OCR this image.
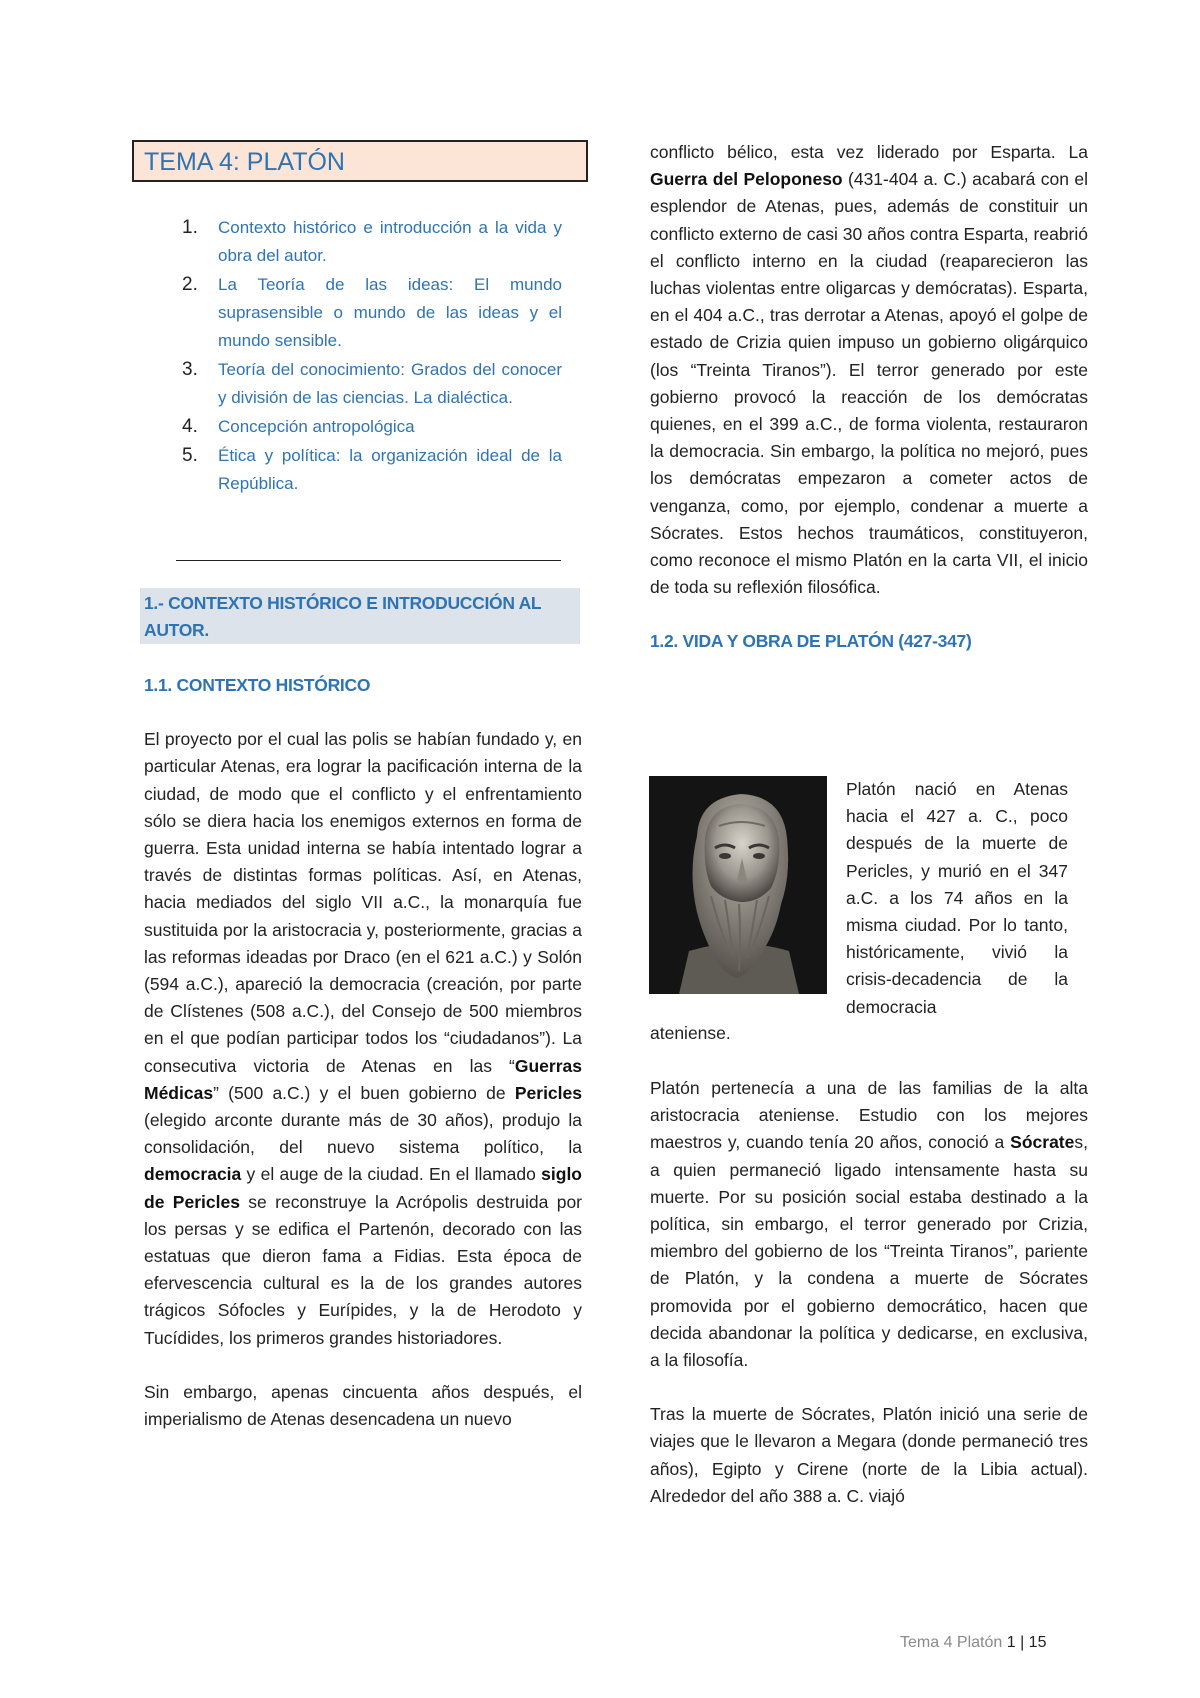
TEMA 4: PLATÓN
1. Contexto histórico e introducción a la vida y obra del autor.
2. La Teoría de las ideas: El mundo suprasensible o mundo de las ideas y el mundo sensible.
3. Teoría del conocimiento: Grados del conocer y división de las ciencias. La dialéctica.
4. Concepción antropológica
5. Ética y política: la organización ideal de la República.
1.- CONTEXTO HISTÓRICO E INTRODUCCIÓN AL AUTOR.
1.1. CONTEXTO HISTÓRICO

El proyecto por el cual las polis se habían fundado y, en particular Atenas, era lograr la pacificación interna de la ciudad, de modo que el conflicto y el enfrentamiento sólo se diera hacia los enemigos externos en forma de guerra. Esta unidad interna se había intentado lograr a través de distintas formas políticas. Así, en Atenas, hacia mediados del siglo VII a.C., la monarquía fue sustituida por la aristocracia y, posteriormente, gracias a las reformas ideadas por Draco (en el 621 a.C.) y Solón (594 a.C.), apareció la democracia (creación, por parte de Clístenes (508 a.C.), del Consejo de 500 miembros en el que podían participar todos los “ciudadanos”). La consecutiva victoria de Atenas en las “Guerras Médicas” (500 a.C.) y el buen gobierno de Pericles (elegido arconte durante más de 30 años), produjo la consolidación, del nuevo sistema político, la democracia y el auge de la ciudad. En el llamado siglo de Pericles se reconstruye la Acrópolis destruida por los persas y se edifica el Partenón, decorado con las estatuas que dieron fama a Fidias. Esta época de efervescencia cultural es la de los grandes autores trágicos Sófocles y Eurípides, y la de Herodoto y Tucídides, los primeros grandes historiadores.

Sin embargo, apenas cincuenta años después, el imperialismo de Atenas desencadena un nuevo

conflicto bélico, esta vez liderado por Esparta. La Guerra del Peloponeso (431-404 a. C.) acabará con el esplendor de Atenas, pues, además de constituir un conflicto externo de casi 30 años contra Esparta, reabrió el conflicto interno en la ciudad (reaparecieron las luchas violentas entre oligarcas y demócratas). Esparta, en el 404 a.C., tras derrotar a Atenas, apoyó el golpe de estado de Crizia quien impuso un gobierno oligárquico (los “Treinta Tiranos”). El terror generado por este gobierno provocó la reacción de los demócratas quienes, en el 399 a.C., de forma violenta, restauraron la democracia. Sin embargo, la política no mejoró, pues los demócratas empezaron a cometer actos de venganza, como, por ejemplo, condenar a muerte a Sócrates. Estos hechos traumáticos, constituyeron, como reconoce el mismo Platón en la carta VII, el inicio de toda su reflexión filosófica.

1.2. VIDA Y OBRA DE PLATÓN (427-347)

Platón nació en Atenas hacia el 427 a. C., poco después de la muerte de Pericles, y murió en el 347 a.C. a los 74 años en la misma ciudad. Por lo tanto, históricamente, vivió la crisis-decadencia de la democracia

ateniense.

Platón pertenecía a una de las familias de la alta aristocracia ateniense. Estudio con los mejores maestros y, cuando tenía 20 años, conoció a Sócrates, a quien permaneció ligado intensamente hasta su muerte. Por su posición social estaba destinado a la política, sin embargo, el terror generado por Crizia, miembro del gobierno de los “Treinta Tiranos”, pariente de Platón, y la condena a muerte de Sócrates promovida por el gobierno democrático, hacen que decida abandonar la política y dedicarse, en exclusiva, a la filosofía.

Tras la muerte de Sócrates, Platón inició una serie de viajes que le llevaron a Megara (donde permaneció tres años), Egipto y Cirene (norte de la Libia actual). Alrededor del año 388 a. C. viajó

Tema 4 Platón 1 | 15
